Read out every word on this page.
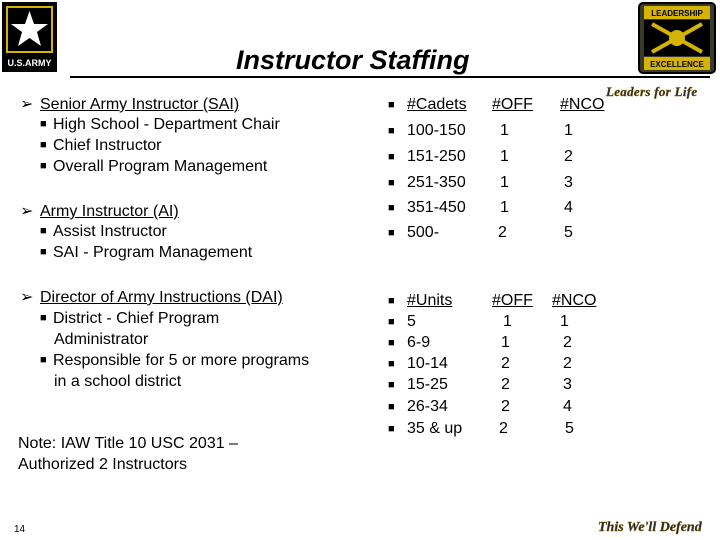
U.S.ARMY	Instructor Staffing
LEADERSHIP
EXCELLENCE
Leaders for Life
➢ Senior Army Instructor (SAI)
■ High School - Department Chair
■ Chief Instructor
■ Overall Program Management
➢ Army Instructor (AI)
■ Assist Instructor
■ SAI - Program Management
➢ Director of Army Instructions (DAI)
■ District - Chief Program
Administrator
■ Responsible for 5 or more programs
in a school district
Note: IAW Title 10 USC 2031 –
Authorized 2 Instructors
■ #Cadets #OFF #NCO
■ 100-150 1	1
■ 151-250 1	2
■ 251-350 1	3
■ 351-450 1	4
■ 500-	2	5
■ #Units #OFF #NCO
■ 5	1	1
■ 6-9	1	2
■ 10-14	2	2
■ 15-25	2	3
■ 26-34	2	4
■ 35 & up 2	5
14	This We'll Defend
